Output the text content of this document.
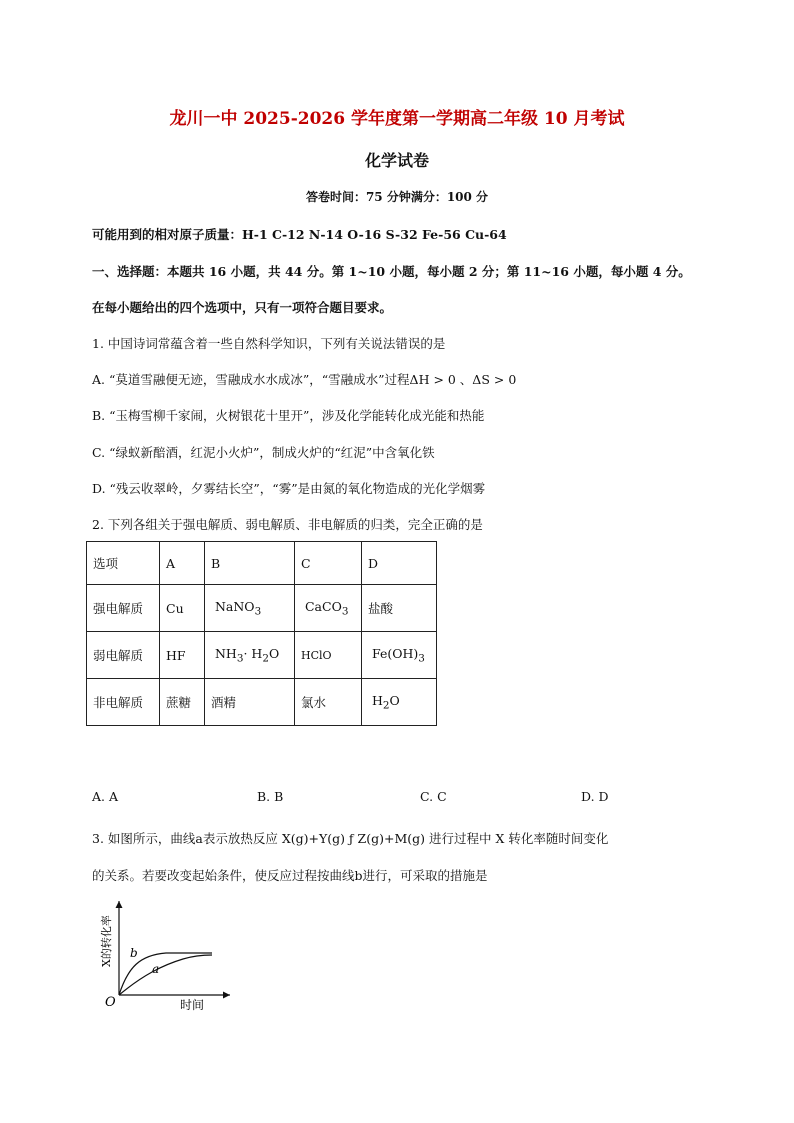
龙川一中 2025-2026 学年度第一学期高二年级 10 月考试
化学试卷
答卷时间：75 分钟满分：100 分
可能用到的相对原子质量：H-1 C-12 N-14 O-16 S-32 Fe-56 Cu-64
一、选择题：本题共 16 小题，共 44 分。第 1~10 小题，每小题 2 分；第 11~16 小题，每小题 4 分。
在每小题给出的四个选项中，只有一项符合题目要求。
1. 中国诗词常蕴含着一些自然科学知识，下列有关说法错误的是
A. “莫道雪融便无迹，雪融成水水成冰”，“雪融成水”过程ΔH > 0 、ΔS > 0
B. “玉梅雪柳千家闹，火树银花十里开”，涉及化学能转化成光能和热能
C. “绿蚁新醅酒，红泥小火炉”，制成火炉的“红泥”中含氧化铁
D. “残云收翠岭，夕雾结长空”，“雾”是由氮的氧化物造成的光化学烟雾
2. 下列各组关于强电解质、弱电解质、非电解质的归类，完全正确的是
选项	A	B	C	D
强电解质	Cu	NaNO$_3$	CaCO$_3$	盐酸
弱电解质	HF	$NH_3\cdot H_2O$	HClO	$Fe(OH)_3$
非电解质	蔗糖	酒精	氯水	$H_2O$
A. A	B. B	C. C	D. D
3. 如图所示，曲线a表示放热反应 X(g)+Y(g) ƒ Z(g)+M(g) 进行过程中 X 转化率随时间变化
的关系。若要改变起始条件，使反应过程按曲线b进行，可采取的措施是
b
a
O	时间
X的转化率
